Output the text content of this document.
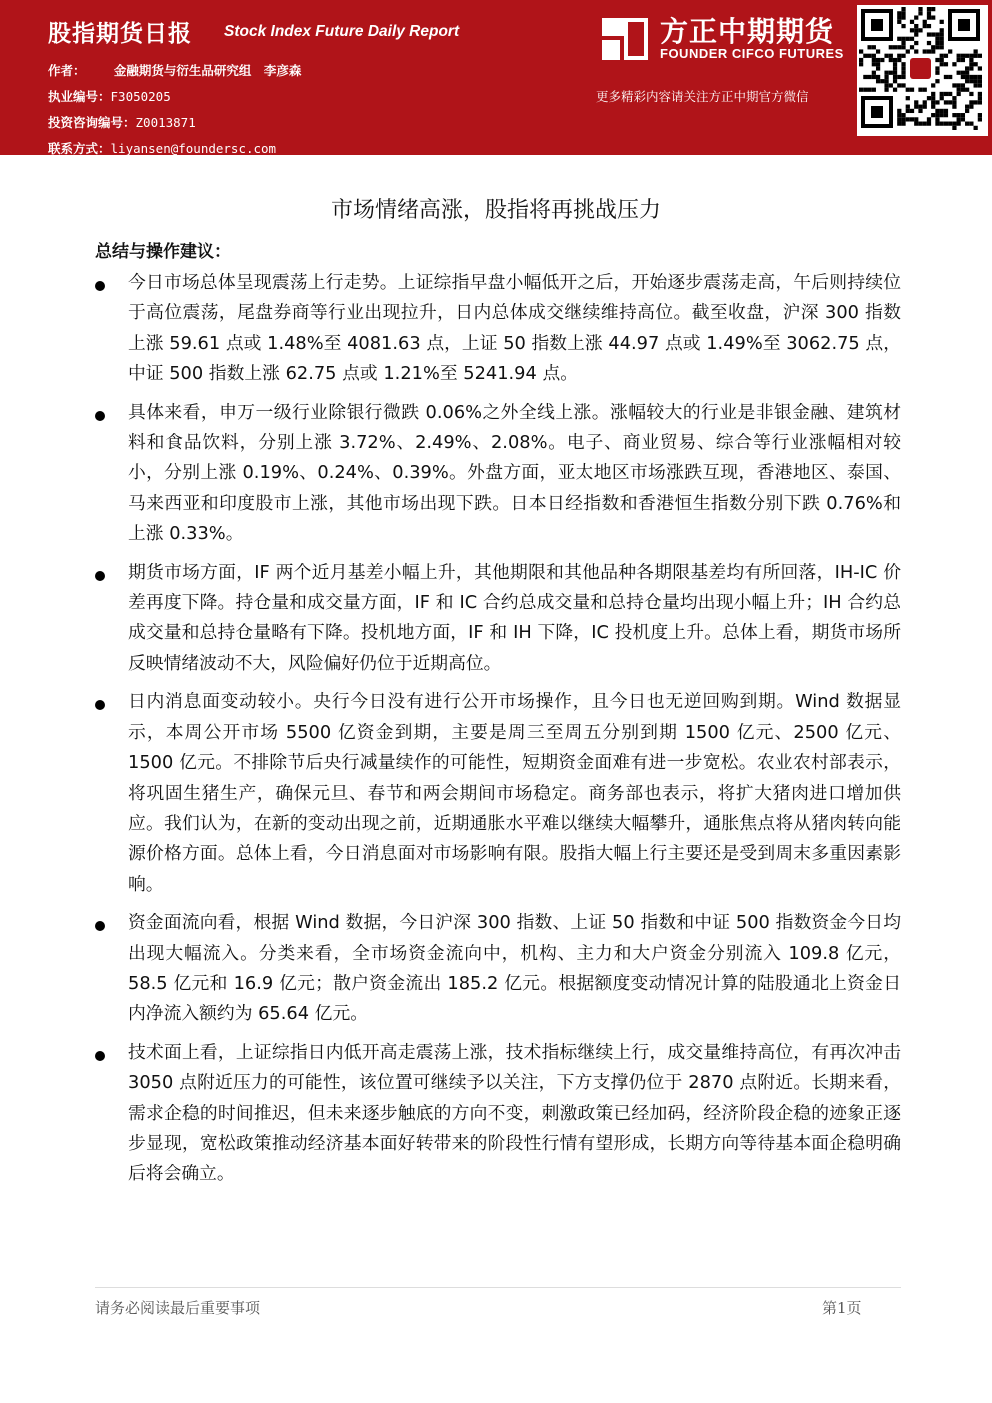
股指期货日报 Stock Index Future Daily Report
作者： 金融期货与衍生品研究组　李彦森
执业编号：F3050205
投资咨询编号：Z0013871
联系方式：liyansen@foundersc.com
方正中期期货
FOUNDER CIFCO FUTURES
更多精彩内容请关注方正中期官方微信
市场情绪高涨，股指将再挑战压力
总结与操作建议：
今日市场总体呈现震荡上行走势。上证综指早盘小幅低开之后，开始逐步震荡走高，午后则持续位于高位震荡，尾盘券商等行业出现拉升，日内总体成交继续维持高位。截至收盘，沪深 300 指数上涨 59.61 点或 1.48%至 4081.63 点，上证 50 指数上涨 44.97 点或 1.49%至 3062.75 点，中证 500 指数上涨 62.75 点或 1.21%至 5241.94 点。
具体来看，申万一级行业除银行微跌 0.06%之外全线上涨。涨幅较大的行业是非银金融、建筑材料和食品饮料，分别上涨 3.72%、2.49%、2.08%。电子、商业贸易、综合等行业涨幅相对较小，分别上涨 0.19%、0.24%、0.39%。外盘方面，亚太地区市场涨跌互现，香港地区、泰国、马来西亚和印度股市上涨，其他市场出现下跌。日本日经指数和香港恒生指数分别下跌 0.76%和上涨 0.33%。
期货市场方面，IF 两个近月基差小幅上升，其他期限和其他品种各期限基差均有所回落，IH-IC 价差再度下降。持仓量和成交量方面，IF 和 IC 合约总成交量和总持仓量均出现小幅上升；IH 合约总成交量和总持仓量略有下降。投机地方面，IF 和 IH 下降，IC 投机度上升。总体上看，期货市场所反映情绪波动不大，风险偏好仍位于近期高位。
日内消息面变动较小。央行今日没有进行公开市场操作，且今日也无逆回购到期。Wind 数据显示，本周公开市场 5500 亿资金到期，主要是周三至周五分别到期 1500 亿元、2500 亿元、1500 亿元。不排除节后央行减量续作的可能性，短期资金面难有进一步宽松。农业农村部表示，将巩固生猪生产，确保元旦、春节和两会期间市场稳定。商务部也表示，将扩大猪肉进口增加供应。我们认为，在新的变动出现之前，近期通胀水平难以继续大幅攀升，通胀焦点将从猪肉转向能源价格方面。总体上看，今日消息面对市场影响有限。股指大幅上行主要还是受到周末多重因素影响。
资金面流向看，根据 Wind 数据，今日沪深 300 指数、上证 50 指数和中证 500 指数资金今日均出现大幅流入。分类来看，全市场资金流向中，机构、主力和大户资金分别流入 109.8 亿元，58.5 亿元和 16.9 亿元；散户资金流出 185.2 亿元。根据额度变动情况计算的陆股通北上资金日内净流入额约为 65.64 亿元。
技术面上看，上证综指日内低开高走震荡上涨，技术指标继续上行，成交量维持高位，有再次冲击 3050 点附近压力的可能性，该位置可继续予以关注，下方支撑仍位于 2870 点附近。长期来看，需求企稳的时间推迟，但未来逐步触底的方向不变，刺激政策已经加码，经济阶段企稳的迹象正逐步显现，宽松政策推动经济基本面好转带来的阶段性行情有望形成，长期方向等待基本面企稳明确后将会确立。
请务必阅读最后重要事项	第1页
